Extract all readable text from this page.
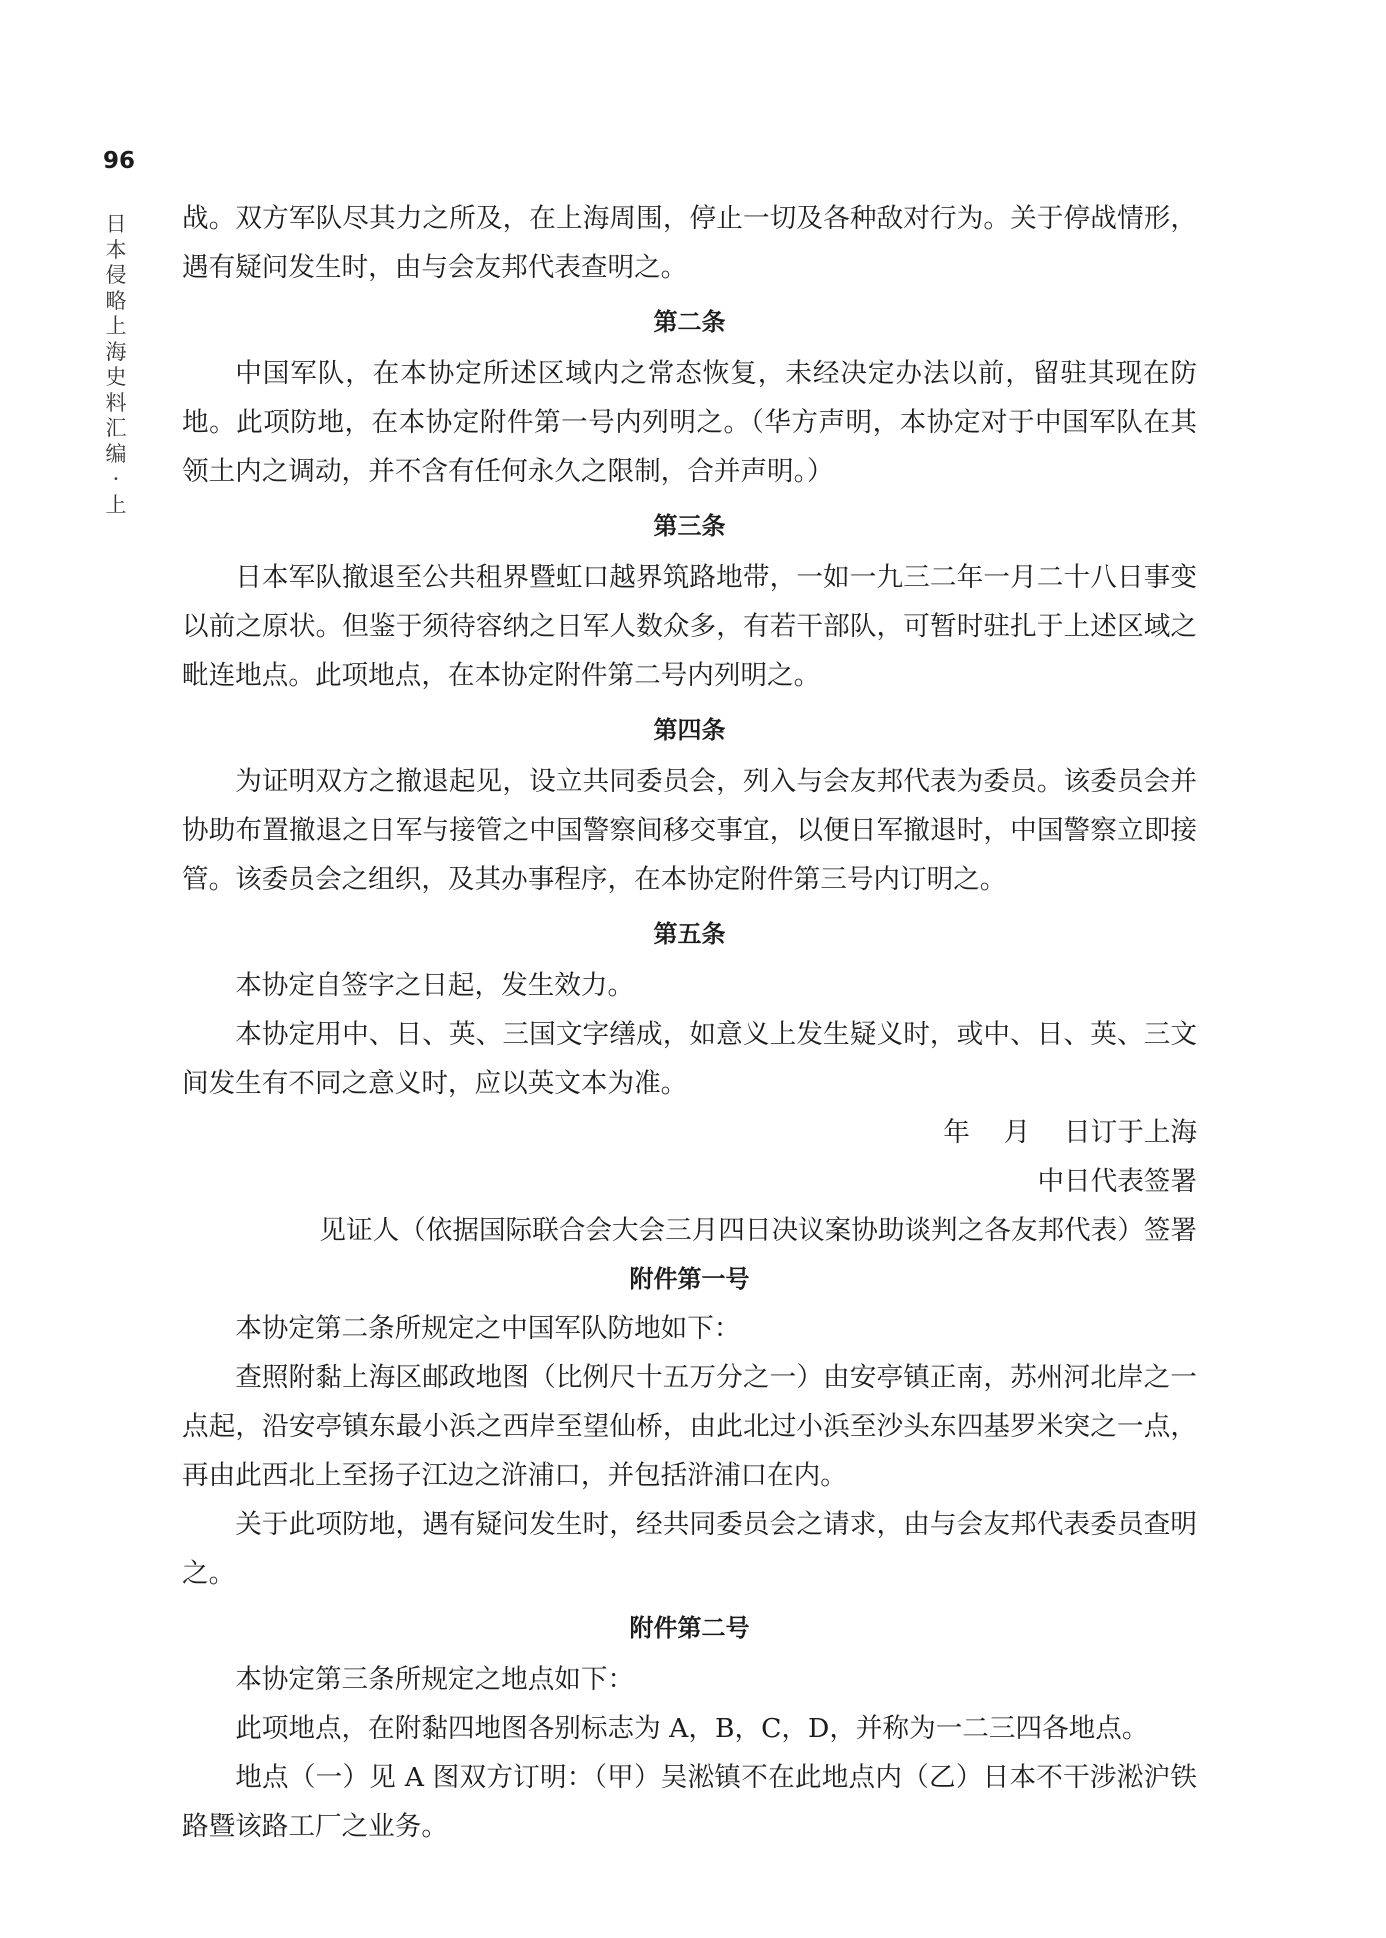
96
日
本
侵
略
上
海
史
料
汇
编
·
上

战。双方军队尽其力之所及，在上海周围，停止一切及各种敌对行为。关于停战情形，遇有疑问发生时，由与会友邦代表查明之。

第二条

中国军队，在本协定所述区域内之常态恢复，未经决定办法以前，留驻其现在防地。此项防地，在本协定附件第一号内列明之。（华方声明，本协定对于中国军队在其领土内之调动，并不含有任何永久之限制，合并声明。）

第三条

日本军队撤退至公共租界暨虹口越界筑路地带，一如一九三二年一月二十八日事变以前之原状。但鉴于须待容纳之日军人数众多，有若干部队，可暂时驻扎于上述区域之毗连地点。此项地点，在本协定附件第二号内列明之。

第四条

为证明双方之撤退起见，设立共同委员会，列入与会友邦代表为委员。该委员会并协助布置撤退之日军与接管之中国警察间移交事宜，以便日军撤退时，中国警察立即接管。该委员会之组织，及其办事程序，在本协定附件第三号内订明之。

第五条

本协定自签字之日起，发生效力。

本协定用中、日、英、三国文字缮成，如意义上发生疑义时，或中、日、英、三文间发生有不同之意义时，应以英文本为准。

年    月    日订于上海

中日代表签署

见证人（依据国际联合会大会三月四日决议案协助谈判之各友邦代表）签署

附件第一号

本协定第二条所规定之中国军队防地如下：

查照附黏上海区邮政地图（比例尺十五万分之一）由安亭镇正南，苏州河北岸之一点起，沿安亭镇东最小浜之西岸至望仙桥，由此北过小浜至沙头东四基罗米突之一点，再由此西北上至扬子江边之浒浦口，并包括浒浦口在内。

关于此项防地，遇有疑问发生时，经共同委员会之请求，由与会友邦代表委员查明之。

附件第二号

本协定第三条所规定之地点如下：

此项地点，在附黏四地图各别标志为 A，B，C，D，并称为一二三四各地点。

地点（一）见 A 图双方订明：（甲）吴淞镇不在此地点内（乙）日本不干涉淞沪铁路暨该路工厂之业务。
